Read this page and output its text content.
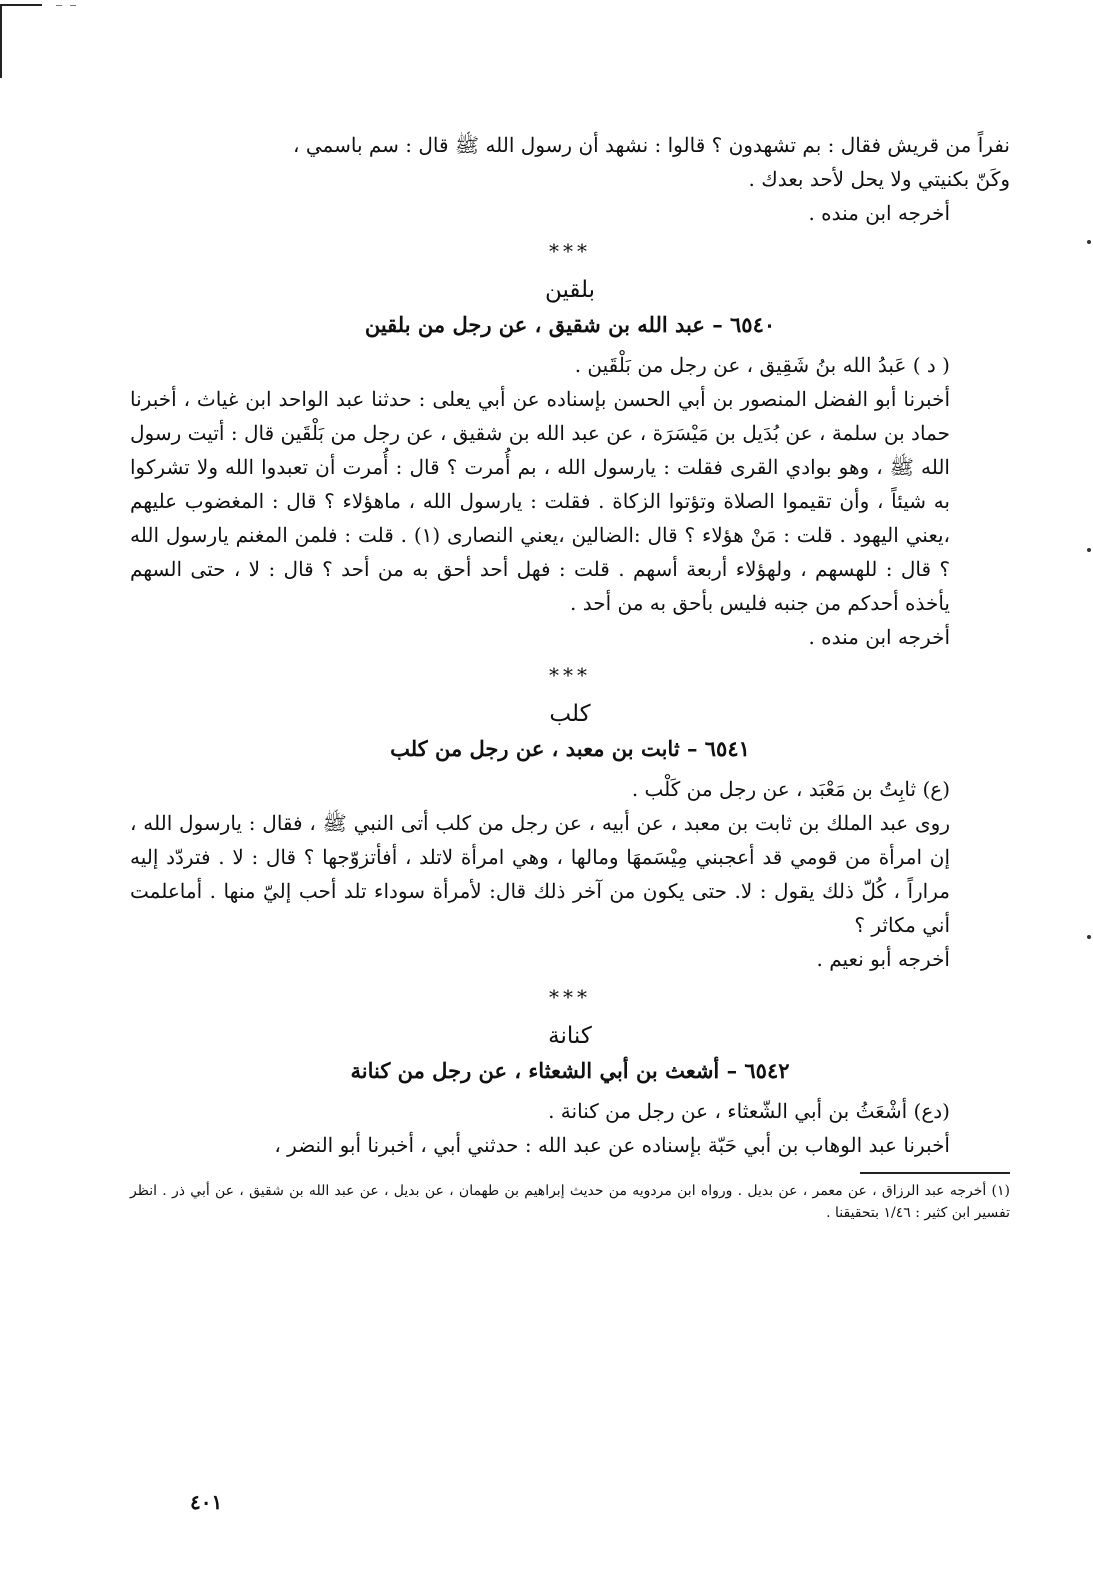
نفراً من قريش فقال : بم تشهدون ؟ قالوا : نشهد أن رسول الله ﷺ قال : سم باسمي ،

وكَنّ بكنيتي ولا يحل لأحد بعدك .

أخرجه ابن منده .

***

بلقين

٦٥٤٠ – عبد الله بن شقيق ، عن رجل من بلقين

( د ) عَبدُ الله بنُ شَقِيق ، عن رجل من بَلْقَين .

أخبرنا أبو الفضل المنصور بن أبي الحسن بإسناده عن أبي يعلى : حدثنا عبد الواحد ابن غياث ، أخبرنا حماد بن سلمة ، عن بُدَيل بن مَيْسَرَة ، عن عبد الله بن شقيق ، عن رجل من بَلْقَين قال : أتيت رسول الله ﷺ ، وهو بوادي القرى فقلت : يارسول الله ، بم أُمرت ؟ قال : أُمرت أن تعبدوا الله ولا تشركوا به شيئاً ، وأن تقيموا الصلاة وتؤتوا الزكاة . فقلت : يارسول الله ، ماهؤلاء ؟ قال : المغضوب عليهم ،يعني اليهود . قلت : مَنْ هؤلاء ؟ قال :الضالين ،يعني النصارى (١) . قلت : فلمن المغنم يارسول الله ؟ قال : للهسهم ، ولهؤلاء أربعة أسهم . قلت : فهل أحد أحق به من أحد ؟ قال : لا ، حتى السهم يأخذه أحدكم من جنبه فليس بأحق به من أحد .

أخرجه ابن منده .

***

كلب

٦٥٤١ – ثابت بن معبد ، عن رجل من كلب

(ع) ثابِتُ بن مَعْبَد ، عن رجل من كَلْب .

روى عبد الملك بن ثابت بن معبد ، عن أبيه ، عن رجل من كلب أتى النبي ﷺ ، فقال : يارسول الله ، إن امرأة من قومي قد أعجبني مِيْسَمهَا ومالها ، وهي امرأة لاتلد ، أفأتزوّجها ؟ قال : لا . فتردّد إليه مراراً ، كُلّ ذلك يقول : لا. حتى يكون من آخر ذلك قال: لأمرأة سوداء تلد أحب إليّ منها . أماعلمت أني مكاثر ؟

أخرجه أبو نعيم .

***

كنانة

٦٥٤٢ – أشعث بن أبي الشعثاء ، عن رجل من كنانة

(دع) أشْعَثُ بن أبي الشّعثاء ، عن رجل من كنانة .

أخبرنا عبد الوهاب بن أبي حَبّة بإسناده عن عبد الله : حدثني أبي ، أخبرنا أبو النضر ،

(١) أخرجه عبد الرزاق ، عن معمر ، عن بديل . ورواه ابن مردويه من حديث إبراهيم بن طهمان ، عن بديل ، عن عبد الله بن شقيق ، عن أبي ذر . انظر تفسير ابن كثير : ١/٤٦ بتحقيقنا .

٤٠١
